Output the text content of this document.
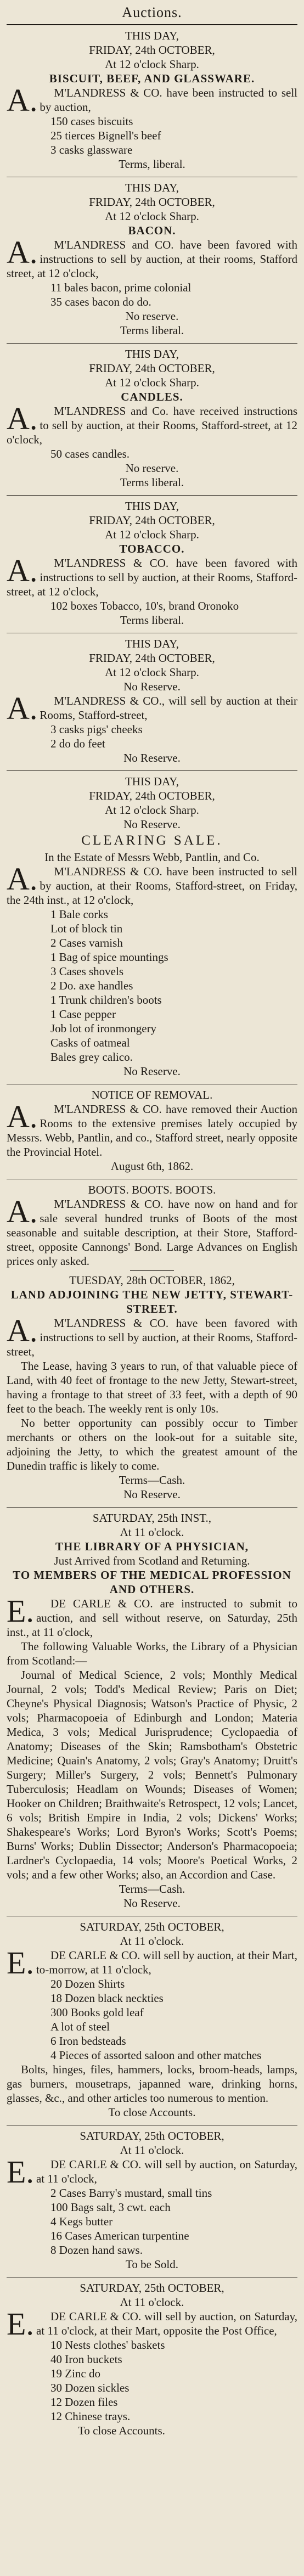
Auctions.
THIS DAY,
FRIDAY, 24th OCTOBER,
At 12 o'clock Sharp.
BISCUIT, BEEF, AND GLASSWARE.
A.	M'LANDRESS & CO. have been instructed to sell by auction,

150 cases biscuits
25 tierces Bignell's beef
3 casks glassware
Terms, liberal.
THIS DAY,
FRIDAY, 24th OCTOBER,
At 12 o'clock Sharp.
BACON.
A.	M'LANDRESS and CO. have been favored with instructions to sell by auction, at their rooms, Stafford street, at 12 o'clock,

11 bales bacon, prime colonial
35 cases bacon do do.
No reserve.
Terms liberal.
THIS DAY,
FRIDAY, 24th OCTOBER,
At 12 o'clock Sharp.
CANDLES.
A.	M'LANDRESS and Co. have received instructions to sell by auction, at their Rooms, Stafford-street, at 12 o'clock,

50 cases candles.
No reserve.
Terms liberal.
THIS DAY,
FRIDAY, 24th OCTOBER,
At 12 o'clock Sharp.
TOBACCO.
A.	M'LANDRESS & CO. have been favored with instructions to sell by auction, at their Rooms, Stafford-street, at 12 o'clock,

102 boxes Tobacco, 10's, brand Oronoko
Terms liberal.
THIS DAY,
FRIDAY, 24th OCTOBER,
At 12 o'clock Sharp.
No Reserve.
A.	M'LANDRESS & CO., will sell by auction at their Rooms, Stafford-street,

3 casks pigs' cheeks
2 do do feet
No Reserve.
THIS DAY,
FRIDAY, 24th OCTOBER,
At 12 o'clock Sharp.
No Reserve.
CLEARING SALE.
In the Estate of Messrs Webb, Pantlin, and Co.
A.	M'LANDRESS & CO. have been instructed to sell by auction, at their Rooms, Stafford-street, on Friday, the 24th inst., at 12 o'clock,

1 Bale corks
Lot of block tin
2 Cases varnish
1 Bag of spice mountings
3 Cases shovels
2 Do. axe handles
1 Trunk children's boots
1 Case pepper
Job lot of ironmongery
Casks of oatmeal
Bales grey calico.
No Reserve.
NOTICE OF REMOVAL.
A.	M'LANDRESS & CO. have removed their Auction Rooms to the extensive premises lately occupied by Messrs. Webb, Pantlin, and co., Stafford street, nearly opposite the Provincial Hotel.

August 6th, 1862.
BOOTS. BOOTS. BOOTS.
A.	M'LANDRESS & CO. have now on hand and for sale several hundred trunks of Boots of the most seasonable and suitable description, at their Store, Stafford-street, opposite Cannongs' Bond. Large Advances on English prices only asked.

TUESDAY, 28th OCTOBER, 1862,
LAND ADJOINING THE NEW JETTY, STEWART-STREET.
A.	M'LANDRESS & CO. have been favored with instructions to sell by auction, at their Rooms, Stafford-street,

The Lease, having 3 years to run, of that valuable piece of Land, with 40 feet of frontage to the new Jetty, Stewart-street, having a frontage to that street of 33 feet, with a depth of 90 feet to the beach. The weekly rent is only 10s.

No better opportunity can possibly occur to Timber merchants or others on the look-out for a suitable site, adjoining the Jetty, to which the greatest amount of the Dunedin traffic is likely to come.

Terms—Cash.
No Reserve.
SATURDAY, 25th INST.,
At 11 o'clock.
THE LIBRARY OF A PHYSICIAN,
Just Arrived from Scotland and Returning.
TO MEMBERS OF THE MEDICAL PROFESSION AND OTHERS.
E.	DE CARLE & CO. are instructed to submit to auction, and sell without reserve, on Saturday, 25th inst., at 11 o'clock,

The following Valuable Works, the Library of a Physician from Scotland:—

Journal of Medical Science, 2 vols; Monthly Medical Journal, 2 vols; Todd's Medical Review; Paris on Diet; Cheyne's Physical Diagnosis; Watson's Practice of Physic, 2 vols; Pharmacopoeia of Edinburgh and London; Materia Medica, 3 vols; Medical Jurisprudence; Cyclopaedia of Anatomy; Diseases of the Skin; Ramsbotham's Obstetric Medicine; Quain's Anatomy, 2 vols; Gray's Anatomy; Druitt's Surgery; Miller's Surgery, 2 vols; Bennett's Pulmonary Tuberculosis; Headlam on Wounds; Diseases of Women; Hooker on Children; Braithwaite's Retrospect, 12 vols; Lancet, 6 vols; British Empire in India, 2 vols; Dickens' Works; Shakespeare's Works; Lord Byron's Works; Scott's Poems; Burns' Works; Dublin Dissector; Anderson's Pharmacopoeia; Lardner's Cyclopaedia, 14 vols; Moore's Poetical Works, 2 vols; and a few other Works; also, an Accordion and Case.

Terms—Cash.
No Reserve.
SATURDAY, 25th OCTOBER,
At 11 o'clock.
E.	DE CARLE & CO. will sell by auction, at their Mart, to-morrow, at 11 o'clock,

20 Dozen Shirts
18 Dozen black neckties
300 Books gold leaf
A lot of steel
6 Iron bedsteads
4 Pieces of assorted saloon and other matches

Bolts, hinges, files, hammers, locks, broom-heads, lamps, gas burners, mousetraps, japanned ware, drinking horns, glasses, &c., and other articles too numerous to mention.

To close Accounts.
SATURDAY, 25th OCTOBER,
At 11 o'clock.
E.	DE CARLE & CO. will sell by auction, on Saturday, at 11 o'clock,

2 Cases Barry's mustard, small tins
100 Bags salt, 3 cwt. each
4 Kegs butter
16 Cases American turpentine
8 Dozen hand saws.
To be Sold.
SATURDAY, 25th OCTOBER,
At 11 o'clock.
E.	DE CARLE & CO. will sell by auction, on Saturday, at 11 o'clock, at their Mart, opposite the Post Office,

10 Nests clothes' baskets
40 Iron buckets
19 Zinc do
30 Dozen sickles
12 Dozen files
12 Chinese trays.
To close Accounts.
